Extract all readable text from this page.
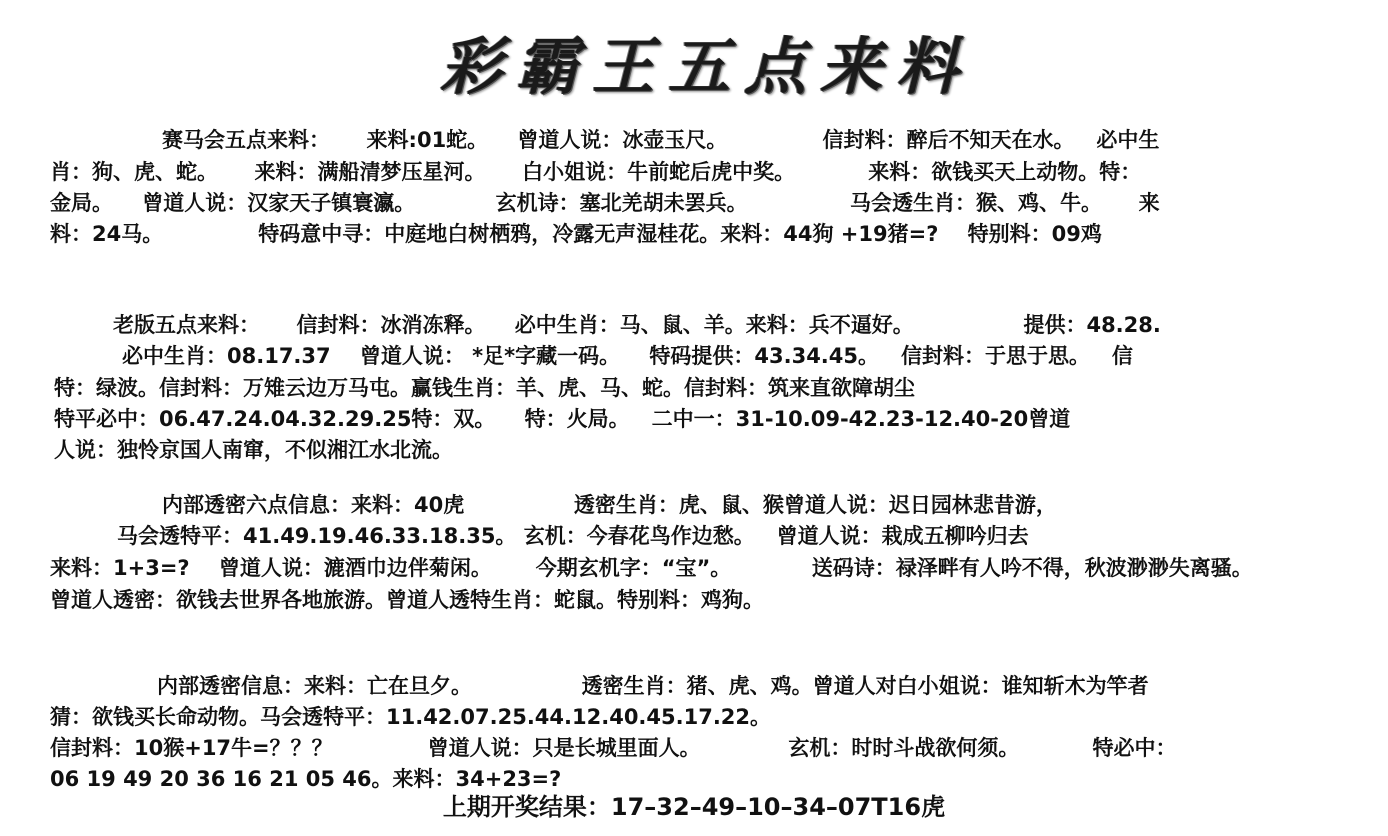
彩霸王五点来料
赛马会五点来料：     来料:01蛇。    曾道人说：冰壶玉尺。             信封料：醉后不知天在水。   必中生
肖：狗、虎、蛇。     来料：满船清梦压星河。     白小姐说：牛前蛇后虎中奖。          来料：欲钱买天上动物。特：
金局。    曾道人说：汉家天子镇寰瀛。           玄机诗：塞北羌胡未罢兵。              马会透生肖：猴、鸡、牛。     来
料：24马。             特码意中寻：中庭地白树栖鸦，冷露无声湿桂花。来料：44狗 +19猪=?    特别料：09鸡
老版五点来料：     信封料：冰消冻释。    必中生肖：马、鼠、羊。来料：兵不逼好。               提供：48.28.
必中生肖：08.17.37    曾道人说： *足*字藏一码。    特码提供：43.34.45。   信封料：于思于思。   信
特：绿波。信封料：万雉云边万马屯。赢钱生肖：羊、虎、马、蛇。信封料：筑来直欲障胡尘
特平必中：06.47.24.04.32.29.25特：双。    特：火局。   二中一：31-10.09-42.23-12.40-20曾道
人说：独怜京国人南窜，不似湘江水北流。
内部透密六点信息：来料：40虎               透密生肖：虎、鼠、猴曾道人说：迟日园林悲昔游，
马会透特平：41.49.19.46.33.18.35。 玄机：今春花鸟作边愁。   曾道人说：栽成五柳吟归去
来料：1+3=?    曾道人说：漉酒巾边伴菊闲。      今期玄机字：“宝”。           送码诗：禄泽畔有人吟不得，秋波渺渺失离骚。
曾道人透密：欲钱去世界各地旅游。曾道人透特生肖：蛇鼠。特别料：鸡狗。
内部透密信息：来料：亡在旦夕。               透密生肖：猪、虎、鸡。曾道人对白小姐说：谁知斩木为竿者
猜：欲钱买长命动物。马会透特平：11.42.07.25.44.12.40.45.17.22。
信封料：10猴+17牛=？？？             曾道人说：只是长城里面人。            玄机：时时斗战欲何须。          特必中：
06 19 49 20 36 16 21 05 46。来料：34+23=?
上期开奖结果：17–32–49–10–34–07T16虎
